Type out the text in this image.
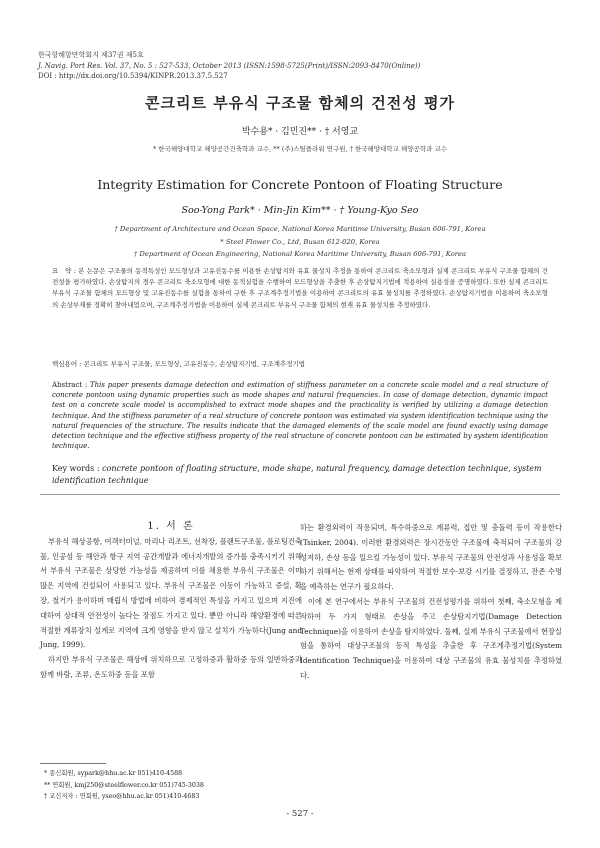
한국항해항만학회지 제37권 제5호
J. Navig. Port Res. Vol. 37, No. 5 : 527-533, October 2013 (ISSN:1598-5725(Print)/ISSN:2093-8470(Online))
DOI : http://dx.doi.org/10.5394/KINPR.2013.37.5.527
콘크리트 부유식 구조물 함체의 건전성 평가
박수용* · 김민진** · † 서영교
* 한국해양대학교 해양공간건축학과 교수, ** (주)스틸플라워 연구원, † 한국해양대학교 해양공학과 교수
Integrity Estimation for Concrete Pontoon of Floating Structure
Soo-Yong Park* · Min-Jin Kim** · † Young-Kyo Seo
† Department of Architecture and Ocean Space, National Korea Maritime University, Busan 606-791, Korea
* Steel Flower Co., Ltd, Busan 612-020, Korea
† Department of Ocean Engineering, National Korea Maritime University, Busan 606-791, Korea
요　약 : 본 논문은 구조물의 동적특성인 모드형상과 고유진동수를 이용한 손상탐지와 유효 물성치 추정을 통하여 콘크리트 축소모형과 실제 콘크리트 부유식 구조물 함체의 건전성을 평가하였다. 손상탐지의 경우 콘크리트 축소모형에 대한 동적실험을 수행하여 모드형상을 추출한 후 손상탐지기법에 적용하여 실용성을 증명하였다. 또한 실제 콘크리트 부유식 구조물 함체의 모드형상 및 고유진동수를 실험을 통하여 구한 후 구조계추정기법을 이용하여 콘크리트의 유효 물성치를 추정하였다. 손상탐지기법을 이용하여 축소모형의 손상부재를 정확히 찾아내었으며, 구조계추정기법을 이용하여 실제 콘크리트 부유식 구조물 함체의 현재 유효 물성치를 추정하였다.
핵심용어 : 콘크리트 부유식 구조물, 모드형상, 고유진동수, 손상탐지기법, 구조계추정기법
Abstract : This paper presents damage detection and estimation of stiffness parameter on a concrete scale model and a real structure of concrete pontoon using dynamic properties such as mode shapes and natural frequencies. In case of damage detection, dynamic impact test on a concrete scale model is accomplished to extract mode shapes and the practicality is verified by utilizing a damage detection technique. And the stiffness parameter of a real structure of concrete pontoon was estimated via system identification technique using the natural frequencies of the structure. The results indicate that the damaged elements of the scale model are found exactly using damage detection technique and the effective stiffness property of the real structure of concrete pontoon can be estimated by system identification technique.
Key words : concrete pontoon of floating structure, mode shape, natural frequency, damage detection technique, system identification technique

1. 서 론

부유식 해상공항, 여객터미널, 마리나 리조트, 선착장, 플랜트구조물, 플로팅건축물, 인공섬 등 해안과 항구 지역 공간개발과 에너지개발의 증가를 충족시키기 위해서 부유식 구조물은 상당한 가능성을 제공하며 이를 채용한 부유식 구조물은 이미 많은 지역에 건설되어 사용되고 있다. 부유식 구조물은 이동이 가능하고 증설, 확장, 철거가 용이하며 매립식 방법에 비하여 경제적인 특성을 가지고 있으며 지진에 대하여 상대적 안전성이 높다는 장점도 가지고 있다. 뿐만 아니라 해양환경에 따른 적절한 계류장치 설계로 지역에 크게 영향을 받지 않고 설치가 가능하다(Jung and Jung, 1999).

하지만 부유식 구조물은 해상에 위치하므로 고정하중과 활하중 등의 일반하중과 함께 바람, 조류, 온도하중 등을 포함

하는 환경외력이 작용되며, 특수하중으로 계류력, 접안 및 충돌력 등이 작용한다(Tsinker, 2004). 이러한 환경외력은 장시간동안 구조물에 축적되어 구조물의 강성저하, 손상 등을 일으킬 가능성이 있다. 부유식 구조물의 안전성과 사용성을 확보하기 위해서는 현재 상태를 파악하여 적절한 보수·보강 시기를 결정하고, 잔존 수명을 예측하는 연구가 필요하다.

이에 본 연구에서는 부유식 구조물의 건전성평가를 위하여 첫째, 축소모형을 제작하여 두 가지 형태로 손상을 주고 손상탐지기법(Damage Detection Technique)을 이용하여 손상을 탐지하였다. 둘째, 실제 부유식 구조물에서 현장실험을 통하여 대상구조물의 동적 특성을 추출한 후 구조계추정기법(System Identification Technique)을 이용하여 대상 구조물의 유효 물성치를 추정하였다.

* 종신회원, sypark@hhu.ac.kr 051)410-4588
** 연회원, kmj250@steelflower.co.kr 051)745-3038
† 교신저자 : 연회원, yseo@hhu.ac.kr 051)410-4683
- 527 -
